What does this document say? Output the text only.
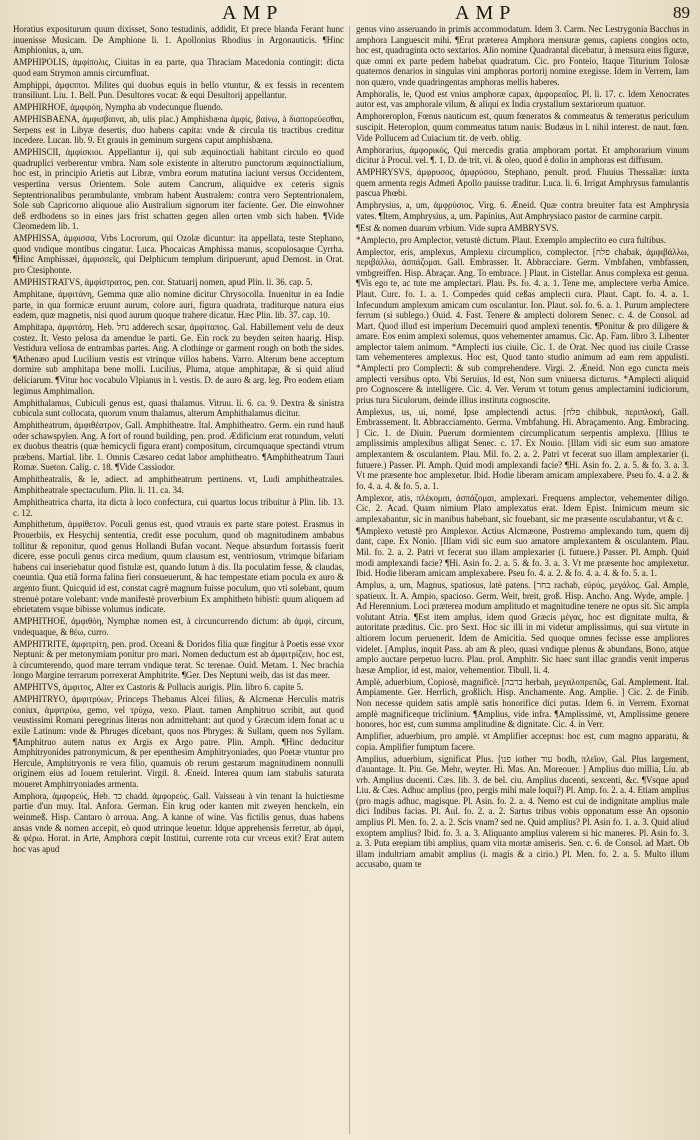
AMP	AMP	89

Horatius expositurum quum dixisset, Sono testudinis, addidit, Et prece blanda Ferant hunc inuenisse Musicam. De Amphione li. 1. Apollonius Rhodius in Argonauticis. ¶Hinc Amphionius, a, um.

AMPHIPOLIS, ἀμφίπολις, Ciuitas in ea parte, qua Thraciam Macedonia contingit: dicta quod eam Strymon amnis circumfluat.

Amphippi, ἀμφιπποι. Milites qui duobus equis in bello vtuntur, & ex fessis in recentem transiliunt. Liu. 1. Bell. Pun. Desultores vocat: & equi Desultorij appellantur.

AMPHIRHOE, ἀμφιρόη, Nympha ab vndecunque fluendo.

AMPHISBAENA, ἀμφισβαινα, ab, ulis plac.) Amphisbæna ἀμφίς, βαίνω, à διαπορεύεσθαι, Serpens est in Libyæ desertis, duo habens capita: vnde & circula tis tractibus creditur incedere. Lucan. lib. 9. Et grauis in geminum surgens caput amphisbæna.

AMPHISCII, ἀμφίσκιοι. Appellantur ij, qui sub æquinoctiali habitant circulo eo quod quadruplici verberentur vmbra. Nam sole existente in alterutro punctorum æquinoctialium, hoc est, in principio Arietis aut Libræ, vmbra eorum matutina iaciunt versus Occidentem, vespertina versus Orientem. Sole autem Cancrum, aliquidve ex ceteris signis Septentrionalibus perambulante, vmbram habent Australem: contra vero Septentrionalem, Sole sub Capricorno aliquoue alio Australium signorum iter faciente. Ger. Die einwohner deß erdbodens so in eines jars frist schatten gegen allen orten vmb sich haben. ¶Vide Cleomedem lib. 1.

AMPHISSA, ἀμφισσα, Vrbs Locrorum, qui Ozolæ dicuntur: ita appellata, teste Stephano, quod vndique montibus cingatur. Luca. Phocaicas Amphissa manus, scopulosaque Cyrrha. ¶Hinc Amphissæi, ἀμφισσεῖς, qui Delphicum templum diripuerunt, apud Demost. in Orat. pro Ctesiphonte.

AMPHISTRATVS, ἀμφίστρατος, pen. cor. Statuarij nomen, apud Plin. li. 36. cap. 5.

Amphitane, ἀμφιτάνη, Gemma quæ alio nomine dicitur Chrysocolla. Inuenitur in ea Indie parte, in qua formicæ eruunt aurum, colore auri, figura quadrata, traditurque natura eius eadem, quæ magnetis, nisi quod aurum quoque trahere dicatur. Hæc Plin. lib. 37. cap. 10.

Amphitapa, ἀμφιτάπη, Heb. נחל adderech scsar, ἀμφίταπος. Gal. Habillement velu de deux costez. It. Vesto pelosa da amendue le parti. Ge. Ein rock zu beyden seiten haarig. Hisp. Vestidura vellosa de entrambas partes. Ang. A clothinge or garment rough on both the sides. ¶Athenæo apud Lucilium vestis est vtrinque villos habens. Varro. Alterum bene acceptum dormire sub amphitapa bene molli. Lucilius, Pluma, atque amphitapæ, & si quid aliud deliciarum. ¶Vitur hoc vocabulo Vlpianus in l. vestis. D. de auro & arg. leg. Pro eodem etiam legimus Amphimallon.

Amphithalamus, Cubiculi genus est, quasi thalamus. Vitruu. li. 6. ca. 9. Dextra & sinistra cubicula sunt collocata, quorum vnum thalamus, alterum Amphithalamus dicitur.

Amphitheatrum, ἀμφιθέατρον, Gall. Amphitheatre. Ital. Amphitheatro. Germ. ein rund hauß oder schawspylen. Ang. A fort of round building, pen. prod. Ædificium erat rotundum, veluti ex duobus theatris (quæ hemicycli figura erant) compositum, circumquaque spectandi vtrum præbens. Martial. libr. 1. Omnis Cæsareo cedat labor amphitheatro. ¶Amphitheatrum Tauri Romæ. Sueton. Calig. c. 18. ¶Vide Cassiodor.

Amphitheatralis, & le, adiect. ad amphitheatrum pertinens. vt, Ludi amphitheatrales. Amphitheatrale spectaculum. Plin. li. 11. ca. 34.

Amphitheatrica charta, ita dicta à loco confectura, cui quartus locus tribuitur à Plin. lib. 13. c. 12.

Amphithetum, ἀμφίθετον. Poculi genus est, quod vtrauis ex parte stare potest. Erasmus in Prouerbiis, ex Hesychij sententia, credit esse poculum, quod ob magnitudinem ambabus tollitur & reponitur, quod genus Hollandi Bufan vocant. Neque absurdum fortassis fuerit dicere, esse poculi genus circa medium, quum clausum est, ventriosum, vtrimque bifariam habens cui inseriebatur quod fistulæ est, quando lutum à dis. Ila poculatim fesse, & claudas, coeuntia. Qua etiã forma falina fieri consueuerunt, & hac tempestate etiam pocula ex auro & argento fiunt. Quicquid id est, constat cagrè magnum fuisse poculum, quo vti solebant, quum strenuè potare volebant: vnde manifestè proverbium Ex amphitheto bibisti: quum aliquem ad ebrietatem vsque bibisse volumus indicate.

AMPHITHOE, ἀμφιθόη, Nymphæ nomen est, à circuncurrendo dictum: ab ἀμφὶ, circum, vndequaque, & θέω, curro.

AMPHITRITE, ἀμφιτρίτη, pen. prod. Oceani & Doridos filia quæ fingitur à Poetis esse vxor Neptuni: & per metonymiam ponitur pro mari. Nomen deductum est ab ἀμφιτρίζειν, hoc est, à circumterendo, quod mare terram vndique terat. Sc terenae. Ouid. Metam. 1. Nec brachia longo Margine terrarum porrexerat Amphitrite. ¶Ger. Des Neptuni weib, das ist das meer.

AMPHITVS, ἀμφιτος, Alter ex Castoris & Pollucis aurigis. Plin. libro 6. capite 5.

AMPHITRYO, ἀμφιτρύων, Princeps Thebanus Alcei filius, & Alcmenæ Herculis matris coniux, ἀμφιτρύω, gemo, vel τρύχω, vexo. Plaut. tamen Amphitruo scribit, aut quod veustissimi Romani peregrinas literas non admittebant: aut quod y Græcum idem fonat ac u exile Latinum: vnde & Phruges dicebant, quos nos Phryges: & Sullam, quem nos Syllam. ¶Amphitruo autem natus ex Argis ex Argo patre. Plin. Amph. ¶Hinc deducitur Amphitryonides patronymicum, & per epenthesim Amphitryoniades, quo Poetæ vtuntur pro Hercule, Amphitryonis re vera filio, quamuis ob rerum gestarum magnitudinem nonnulli originem eius ad Iouem retulerint. Virgil. 8. Æneid. Interea quum iam stabulis saturata moueret Amphitryoniades armenta.

Amphora, ἀμφορεύς, Heb. כד chadd. ἀμφορεύς. Gall. Vaisseau à vin tenant la huictiesme partie d'un muy. Ital. Anfora. German. Ein krug oder kanten mit zweyen henckeln, ein weinmeß. Hisp. Cantaro ò arroua. Ang. A kanne of wine. Vas fictilis genus, duas habens ansas vnde & nomen accepit, eò quod utrinque leuetur. Idque apprehensis ferretur, ab ἀμφὶ, & φέρω. Horat. in Arte, Amphora cœpit Institui, currente rota cur vrceus exit? Erat autem hoc vas apud

genus vino asseruando in primis accommodatum. Idem 3. Carm. Nec Lestrygonia Bacchus in amphora Languescit mihi. ¶Erat præterea Amphora mensuræ genus, capiens congios octo, hoc est, quadraginta octo sextarios. Alio nomine Quadrantal dicebatur, à mensura eius figuræ, quæ omni ex parte pedem habebat quadratum. Cic. pro Fonteio, Itaque Titurium Tolosæ quaternos denarios in singulas vini amphoras portorij nomine exegisse. Idem in Verrem, Iam non quæro, vnde quadringentas amphoras mellis haberes.

Amphoralis, le, Quod est vnius amphoræ capax, ἀμφορεαῖος. Pl. li. 17. c. Idem Xenocrates autor est, vas amphorale vilum, & aliqui ex India crystallum sextariorum quatuor.

Amphoreroplon, Fœnus nauticum est, quum fœneratos & commeatus & temeratus periculum suscipit. Heteroplon, quum commeatus tatum nauis: Budæus in l. nihil interest. de naut. fœn. Vide Pollucem ad Cuiacium tit. de verb. oblig.

Amphorarius, ἀμφορικός, Qui mercedis gratia amphoram portat. Et amphorarium vinum dicitur à Procul. vel. ¶. 1. D. de trit. vi. & oleo, quod è dolio in amphoras est diffusum.

AMPHRYSVS, ἀμφρυσος, ἀμφρύσου, Stephano, penult. prod. Fluuius Thessaliæ: iuxta quem armenta regis Admeti Apollo pauisse traditur. Luca. li. 6. Irrigat Amphrysus famulantis pascua Phœbi.

Amphrysius, a, um, ἀμφρύσιος. Virg. 6. Æneid. Quæ contra breuiter fata est Amphrysia vates. ¶Item, Amphrysius, a, um. Papinius, Aut Amphrysiaco pastor de carmine carpit.

¶Est & nomen duarum vrbium. Vide supra AMBRYSVS.

*Amplecto, pro Amplector, vetustè dictum. Plaut. Exemplo amplectito eo cura fultibus.

Amplector, eris, amplexus, Amplexu circumplico, complector. [פלח chabak, ἀμφιβάλλω, περιβάλλω, ἀσπάζομαι. Gall. Embrasser. It. Abbracciare. Germ. Vmbfahen, vmbfassen, vmbgreiffen. Hisp. Abraçar. Ang. To embrace. ] Plaut. in Cistellar. Anus complexa est genua. ¶Vis ego te, ac tute me amplectari. Plau. Ps. fo. 4. a. 1. Tene me, amplectere verba Amice. Plaut. Curc. fo. 1. a. 1. Compedes quid ceßas amplecti cura. Plaut. Capt. fo. 4. a. 1. Infecundum amplexum amicam cum osculantur. Ion. Plaut. sol. fo. 6. a. 1. Purum amplectere ferrum (si sublego.) Ouid. 4. Fast. Tenere & amplecti dolorem Senec. c. 4. de Consol. ad Mart. Quod illud est imperium Decemuiri quod amplexi tenentis. ¶Ponitur & pro diligere & amare. Eos enim amplexi solemus, quos vehementer amamus. Cic. Ap. Fam. libro 3. Libenter amplector talem animum. *Amplecti ius ciuile. Cic. 1. de Orat. Nec quod ius ciuile Crasse tam vehementeres amplexus. Hoc est, Quod tanto studio animum ad eam rem appulisti. *Amplecti pro Complecti: & sub comprehendere. Virgi. 2. Æneid. Non ego cuncta meis amplecti versibus opto. Vbi Seruius, Id est, Non sum vniuersa dicturus. *Amplecti aliquid pro Cognoscere & intelligere. Cic. 4. Ver. Verum vt totum genus amplectamini iudiciorum, prius tura Siculorum, deinde illius instituta cognoscite.

Amplexus, us, ui, nomé, Ipse amplectendi actus. [פלח chibbuk, περιπλοκή, Gall. Embrassement. It. Abbracciamento. Germa. Vmbfahung. Hi. Abraçamento. Ang. Embracing. ] Cic. 1. de Diuin. Puerum dormientem circumplicatum serpentis amplexu. [Illius te amplissimis amplexibus alligat Senec. c. 17. Ex Nouio. [Illam vidi sic eum suo amatore amplexantem & osculantem. Plau. Mil. fo. 2. a. 2. Patri vt fecerat suo illam amplexarier (i. futuere.) Passer. Pl. Amph. Quid modi amplexandi facie? ¶Hi. Asin fo. 2. a. 5. & fo. 3. a. 3. Vt me præsente hoc amplexetur. Ibid. Hodie liberam amicam amplexabere. Pseu fo. 4. a 2. & fo. 4. a. 4. & fo. 5. a. 1.

Amplexor, atis, πλέκομαι, ἀσπάζομαι, amplexari. Frequens amplector, vehementer diligo. Cic. 2. Acad. Quam nimium Plato amplexatus erat. Idem Epist. Inimicum meum sic amplexabantur, sic in manibus habebant, sic fouebant, sic me præsente osculabantur, vt & c.

¶Amplexo vetustè pro Amplexor. Actius Alcmæone, Postremo amplexando tum, quem dij dant, cape. Ex Nonio. [Illam vidi sic eum suo amatore amplexantem & osculantem. Plau. Mil. fo. 2. a. 2. Patri vt fecerat suo illam amplexarier (i. futuere.) Passer. Pl. Amph. Quid modi amplexandi facie? ¶Hi. Asin fo. 2. a. 5. & fo. 3. a. 3. Vt me præsente hoc amplexetur. Ibid. Hodie liberam amicam amplexabere. Pseu fo. 4. a. 2. & fo. 4. a. 4. & fo. 5. a. 1.

Amplus, a, um, Magnus, spatiosus, latè patens. [בחר rachab, εὐρύς, μεγάλος. Gal. Ample, spatieux. It. A. Ampio, spacioso. Germ. Weit, breit, groß. Hisp. Ancho. Ang. Wyde, ample. ] Ad Herennium. Loci præterea modum amplitudo et magnitudine tenere ne opus sit. Sic ampla volutant Atria. ¶Est item amplus, idem quod Græcis μέγας, hoc est dignitate multa, & autoritate præditus. Cic. pro Sext. Hoc sic illi in mi videtur amplissimus, qui sua virtute in altiorem locum peruenerit. Idem de Amicitia. Sed quoque omnes fecisse esse ampliores videlet. [Amplus, inquit Pass. ab am & pleo, quasi vndique plenus & abundans, Bono, atque amplo auctare perpetuo lucro. Plau. prol. Amphitr. Sic haec sunt illac grandis venit imperus hæsæ Amplior, id est, maior, vehementior. Tibull. li. 4.

Amplè, aduerbium, Copiosè, magnificè. [ברבה herbah, μεγαλοπρεπῶς, Gal. Amplement. Ital. Ampiamente. Ger. Herrlich, großlich. Hisp. Anchamente. Ang. Amplie. ] Cic. 2. de Finib. Non necesse quidem satis amplè satis honorifice dici putas. Idem 6. in Verrem. Exornat amplè magnificeque triclinium. ¶Amplius, vide infra. ¶Amplissimè, vt, Amplissime genere honores, hoc est, cum summa amplitudine & dignitate. Cic. 4. in Verr.

Amplifier, aduerbium, pro amplè. vt Amplifier acceptus: hoc est, cum magno apparatu, & copia. Amplifier fumptum facere.

Amplius, aduerbium, significat Plus. [פנו iother עוד bodh, πλεῖον, Gal. Plus largement, d'auantage. It. Piu. Ge. Mehr, weyter. Hi. Mas. An. Moreouer. ] Amplius duo millia, Liu. ab vrb. Amplius ducenti. Cæs. lib. 3. de bel. ciu. Amplius ducenti, sexcenti, &c. ¶Vsque apud Liu. & Cæs. Adhuc amplius (pro, pergis mihi male loqui?) Pl. Amp. fo. 2. a. 4. Etiam amplius (pro magis adhuc, magisque. Pl. Asin. fo. 2. a. 4. Nemo est cui de indignitate amplius male dici Indibus facias. Pl. Aul. fo. 2. a. 2. Sartus tribus vobis opponatum esse An opsonio amplius Pl. Men. fo. 2. a. 2. Scis vnam? sed ne. Quid amplius? Pl. Asin fo. 1. a. 3. Quid aliud exoptem amplius? Ibid. fo. 3. a. 3. Aliquanto amplius valerem si hic maneres. Pl. Asin fo. 3. a. 3. Puta erepiam tibi amplius, quam vita mortæ amiseris. Sen. c. 6. de Consol. ad Mart. Ob illam indultriam amabit amplius (i. magis & a cirio.) Pl. Men. fo. 2. a. 5. Multo illum accusabo, quam te
